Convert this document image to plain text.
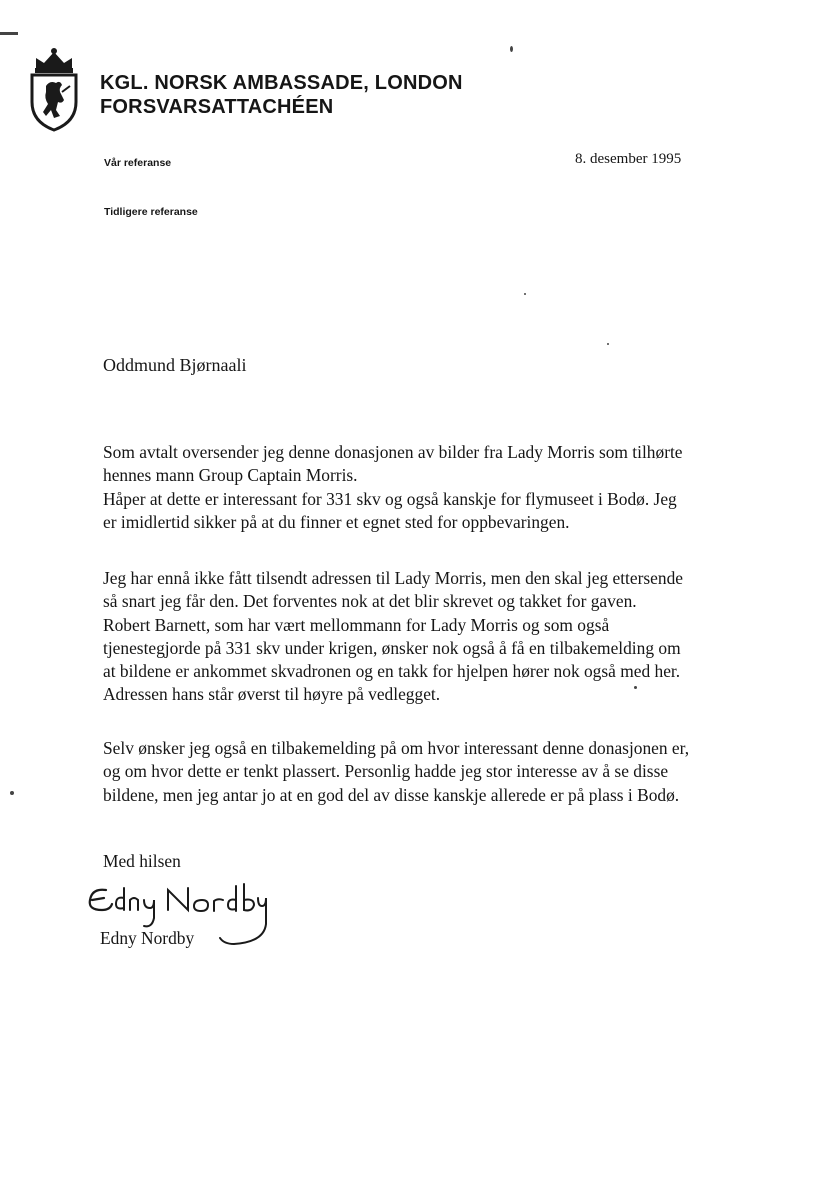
KGL. NORSK AMBASSADE, LONDON
FORSVARSATTACHÉEN
Vår referanse
Tidligere referanse
8. desember 1995
Oddmund Bjørnaali
Som avtalt oversender jeg denne donasjonen av bilder fra Lady Morris som tilhørte
hennes mann Group Captain Morris.
Håper at dette er interessant for 331 skv og også kanskje for flymuseet i Bodø. Jeg
er imidlertid sikker på at du finner et egnet sted for oppbevaringen.
Jeg har ennå ikke fått tilsendt adressen til Lady Morris, men den skal jeg ettersende
så snart jeg får den. Det forventes nok at det blir skrevet og takket for gaven.
Robert Barnett, som har vært mellommann for Lady Morris og som også
tjenestegjorde på 331 skv under krigen, ønsker nok også å få en tilbakemelding om
at bildene er ankommet skvadronen og en takk for hjelpen hører nok også med her.
Adressen hans står øverst til høyre på vedlegget.
Selv ønsker jeg også en tilbakemelding på om hvor interessant denne donasjonen er,
og om hvor dette er tenkt plassert. Personlig hadde jeg stor interesse av å se disse
bildene, men jeg antar jo at en god del av disse kanskje allerede er på plass i Bodø.
Med hilsen
Edny Nordby
